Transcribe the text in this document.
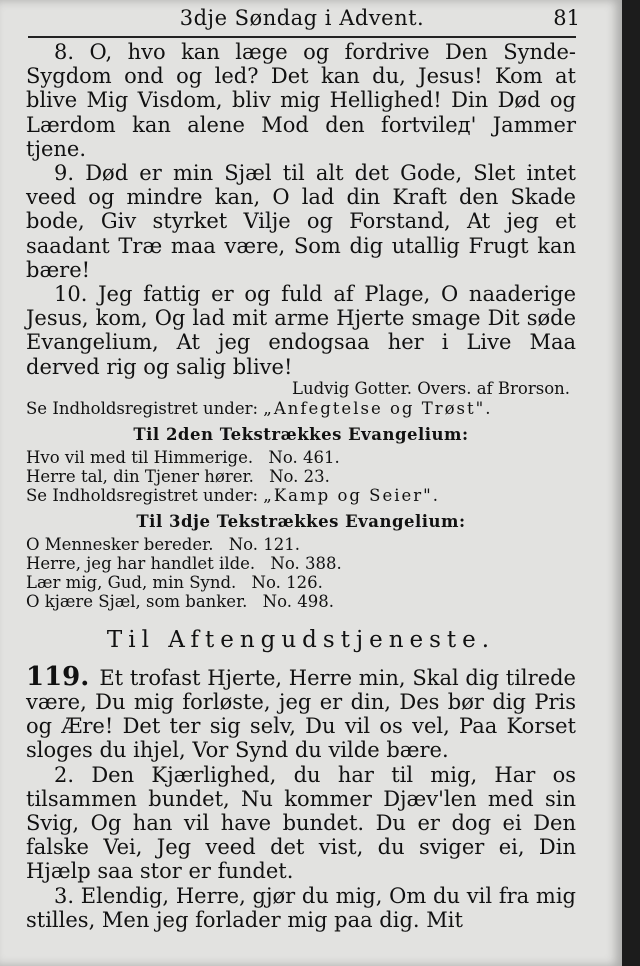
3dje Søndag i Advent.	81

8. O, hvo kan læge og fordrive Den Synde-Sygdom ond og led? Det kan du, Jesus! Kom at blive Mig Visdom, bliv mig Hellighed! Din Død og Lærdom kan alene Mod den fortvilед' Jammer tjene.

9. Død er min Sjæl til alt det Gode, Slet intet veed og mindre kan, O lad din Kraft den Skade bode, Giv styrket Vilje og Forstand, At jeg et saadant Træ maa være, Som dig utallig Frugt kan bære!

10. Jeg fattig er og fuld af Plage, O naaderige Jesus, kom, Og lad mit arme Hjerte smage Dit søde Evangelium, At jeg endogsaa her i Live Maa derved rig og salig blive!

Ludvig Gotter. Overs. af Brorson.
Se Indholdsregistret under: „Anfegtelse og Trøst".
Til 2den Tekstrækkes Evangelium:
Hvo vil med til Himmerige. No. 461.
Herre tal, din Tjener hører. No. 23.
Se Indholdsregistret under: „Kamp og Seier".
Til 3dje Tekstrækkes Evangelium:
O Mennesker bereder. No. 121.
Herre, jeg har handlet ilde. No. 388.
Lær mig, Gud, min Synd. No. 126.
O kjære Sjæl, som banker. No. 498.
Til Aftengudstjeneste.

119. Et trofast Hjerte, Herre min, Skal dig tilrede være, Du mig forløste, jeg er din, Des bør dig Pris og Ære! Det ter sig selv, Du vil os vel, Paa Korset sloges du ihjel, Vor Synd du vilde bære.

2. Den Kjærlighed, du har til mig, Har os tilsammen bundet, Nu kommer Djæv'len med sin Svig, Og han vil have bundet. Du er dog ei Den falske Vei, Jeg veed det vist, du sviger ei, Din Hjælp saa stor er fundet.

3. Elendig, Herre, gjør du mig, Om du vil fra mig stilles, Men jeg forlader mig paa dig. Mit
